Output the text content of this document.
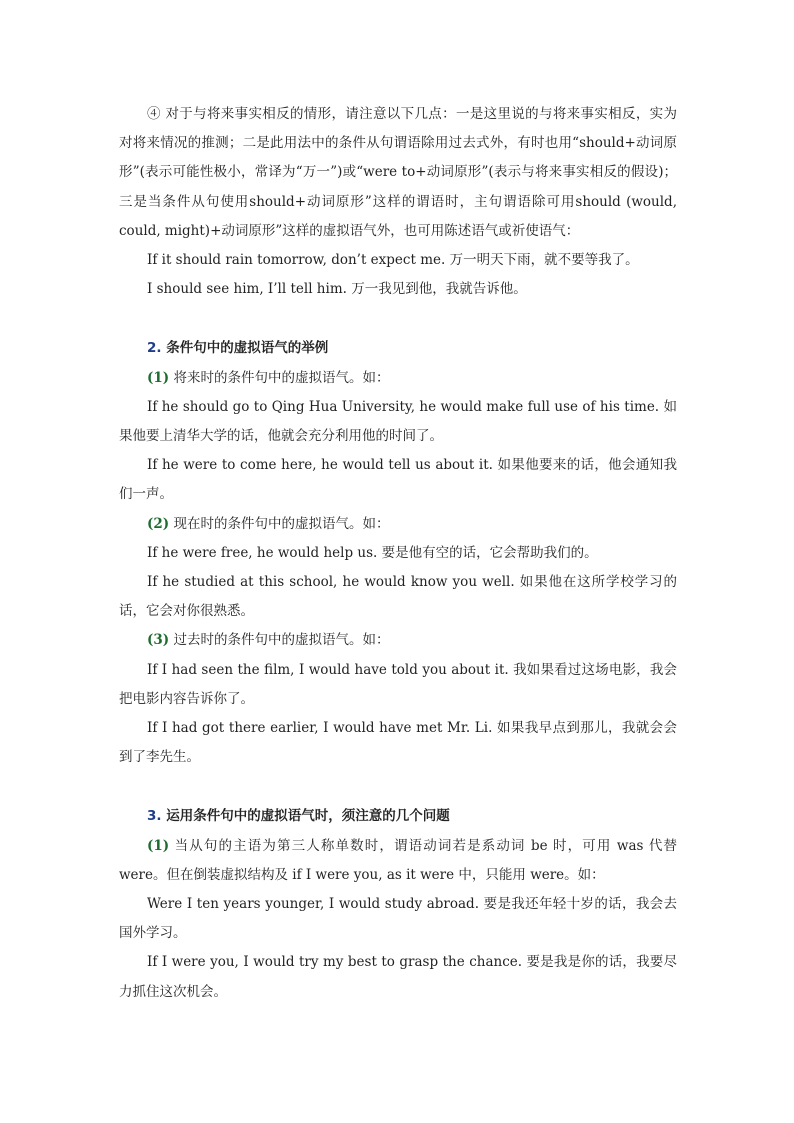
④ 对于与将来事实相反的情形，请注意以下几点：一是这里说的与将来事实相反，实为对将来情况的推测；二是此用法中的条件从句谓语除用过去式外，有时也用“should+动词原形”(表示可能性极小，常译为“万一”)或“were to+动词原形”(表示与将来事实相反的假设)；三是当条件从句使用should+动词原形”这样的谓语时，主句谓语除可用should (would, could, might)+动词原形”这样的虚拟语气外，也可用陈述语气或祈使语气：

If it should rain tomorrow, don’t expect me. 万一明天下雨，就不要等我了。

I should see him, I’ll tell him. 万一我见到他，我就告诉他。

2. 条件句中的虚拟语气的举例

(1) 将来时的条件句中的虚拟语气。如：

If he should go to Qing Hua University, he would make full use of his time. 如果他要上清华大学的话，他就会充分利用他的时间了。

If he were to come here, he would tell us about it. 如果他要来的话，他会通知我们一声。

(2) 现在时的条件句中的虚拟语气。如：

If he were free, he would help us. 要是他有空的话，它会帮助我们的。

If he studied at this school, he would know you well. 如果他在这所学校学习的话，它会对你很熟悉。

(3) 过去时的条件句中的虚拟语气。如：

If I had seen the film, I would have told you about it. 我如果看过这场电影，我会把电影内容告诉你了。

If I had got there earlier, I would have met Mr. Li. 如果我早点到那儿，我就会会到了李先生。

3. 运用条件句中的虚拟语气时，须注意的几个问题

(1) 当从句的主语为第三人称单数时，谓语动词若是系动词 be 时，可用 was 代替 were。但在倒装虚拟结构及 if I were you, as it were 中，只能用 were。如：

Were I ten years younger, I would study abroad. 要是我还年轻十岁的话，我会去国外学习。

If I were you, I would try my best to grasp the chance. 要是我是你的话，我要尽力抓住这次机会。
